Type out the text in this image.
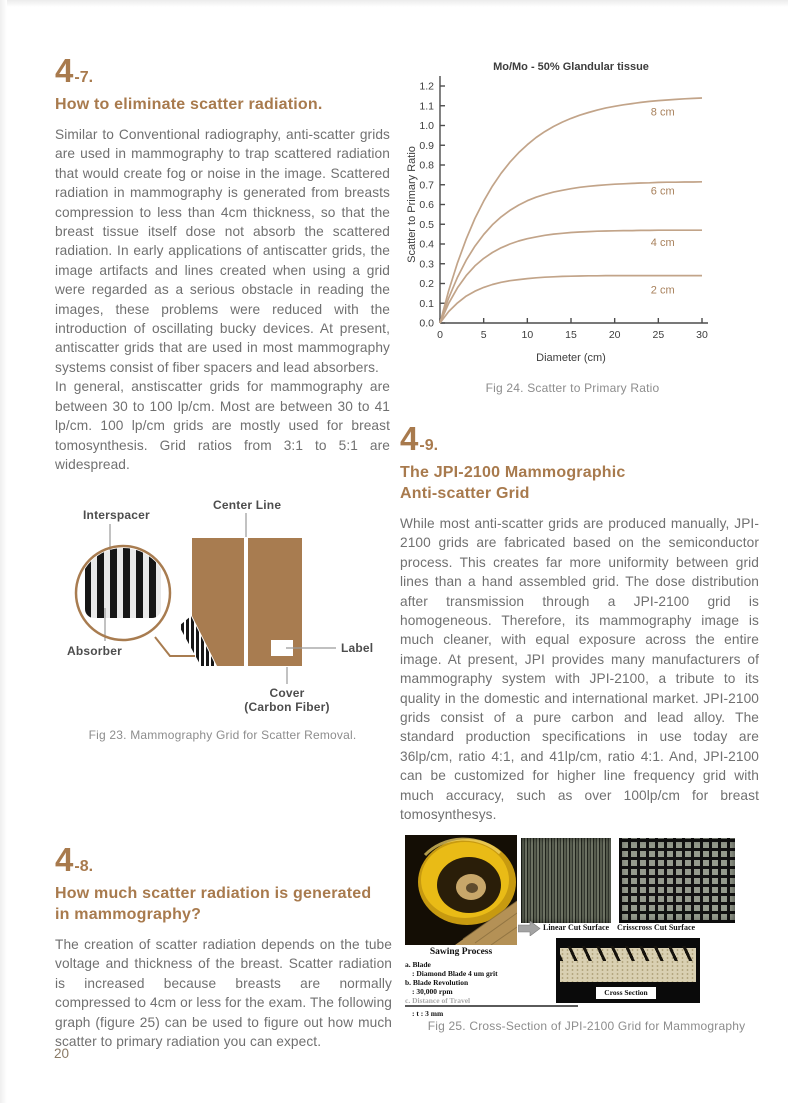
4-7.
How to eliminate scatter radiation.

Similar to Conventional radiography, anti-scatter grids are used in mammography to trap scattered radiation that would create fog or noise in the image. Scattered radiation in mammography is generated from breasts compression to less than 4cm thickness, so that the breast tissue itself dose not absorb the scattered radiation. In early applications of antiscatter grids, the image artifacts and lines created when using a grid were regarded as a serious obstacle in reading the images, these problems were reduced with the introduction of oscillating bucky devices. At present, antiscatter grids that are used in most mammography systems consist of fiber spacers and lead absorbers.

In general, anstiscatter grids for mammography are between 30 to 100 lp/cm. Most are between 30 to 41 lp/cm. 100 lp/cm grids are mostly used for breast tomosynthesis. Grid ratios from 3:1 to 5:1 are widespread.

Mo/Mo - 50% Glandular tissue
0.0
0.1
0.2
0.3
0.4
0.5
0.6
0.7
0.8
0.9
1.0
1.1
1.2
0	5	10	15	20	25	30
Diameter (cm)
Scatter to Primary Ratio
8 cm
6 cm
4 cm
2 cm
Fig 24. Scatter to Primary Ratio
Interspacer
Center Line
Absorber	Label
Cover
(Carbon Fiber)
Fig 23. Mammography Grid for Scatter Removal.
4-8.
How much scatter radiation is generated
in mammography?

The creation of scatter radiation depends on the tube voltage and thickness of the breast. Scatter radiation is increased because breasts are normally compressed to 4cm or less for the exam. The following graph (figure 25) can be used to figure out how much scatter to primary radiation you can expect.

4-9.
The JPI-2100 Mammographic
Anti-scatter Grid

While most anti-scatter grids are produced manually, JPI-2100 grids are fabricated based on the semiconductor process. This creates far more uniformity between grid lines than a hand assembled grid. The dose distribution after transmission through a JPI-2100 grid is homogeneous. Therefore, its mammography image is much cleaner, with equal exposure across the entire image. At present, JPI provides many manufacturers of mammography system with JPI-2100, a tribute to its quality in the domestic and international market. JPI-2100 grids consist of a pure carbon and lead alloy. The standard production specifications in use today are 36lp/cm, ratio 4:1, and 41lp/cm, ratio 4:1. And, JPI-2100 can be customized for higher line frequency grid with much accuracy, such as over 100lp/cm for breast tomosynthesys.

Sawing Process
a. Blade
: Diamond Blade 4 um grit
b. Blade Revolution
: 30,000 rpm
c. Distance of Travel
: t : 3 mm
Linear Cut Surface Crisscross Cut Surface
Cross Section
Fig 25. Cross-Section of JPI-2100 Grid for Mammography
20
